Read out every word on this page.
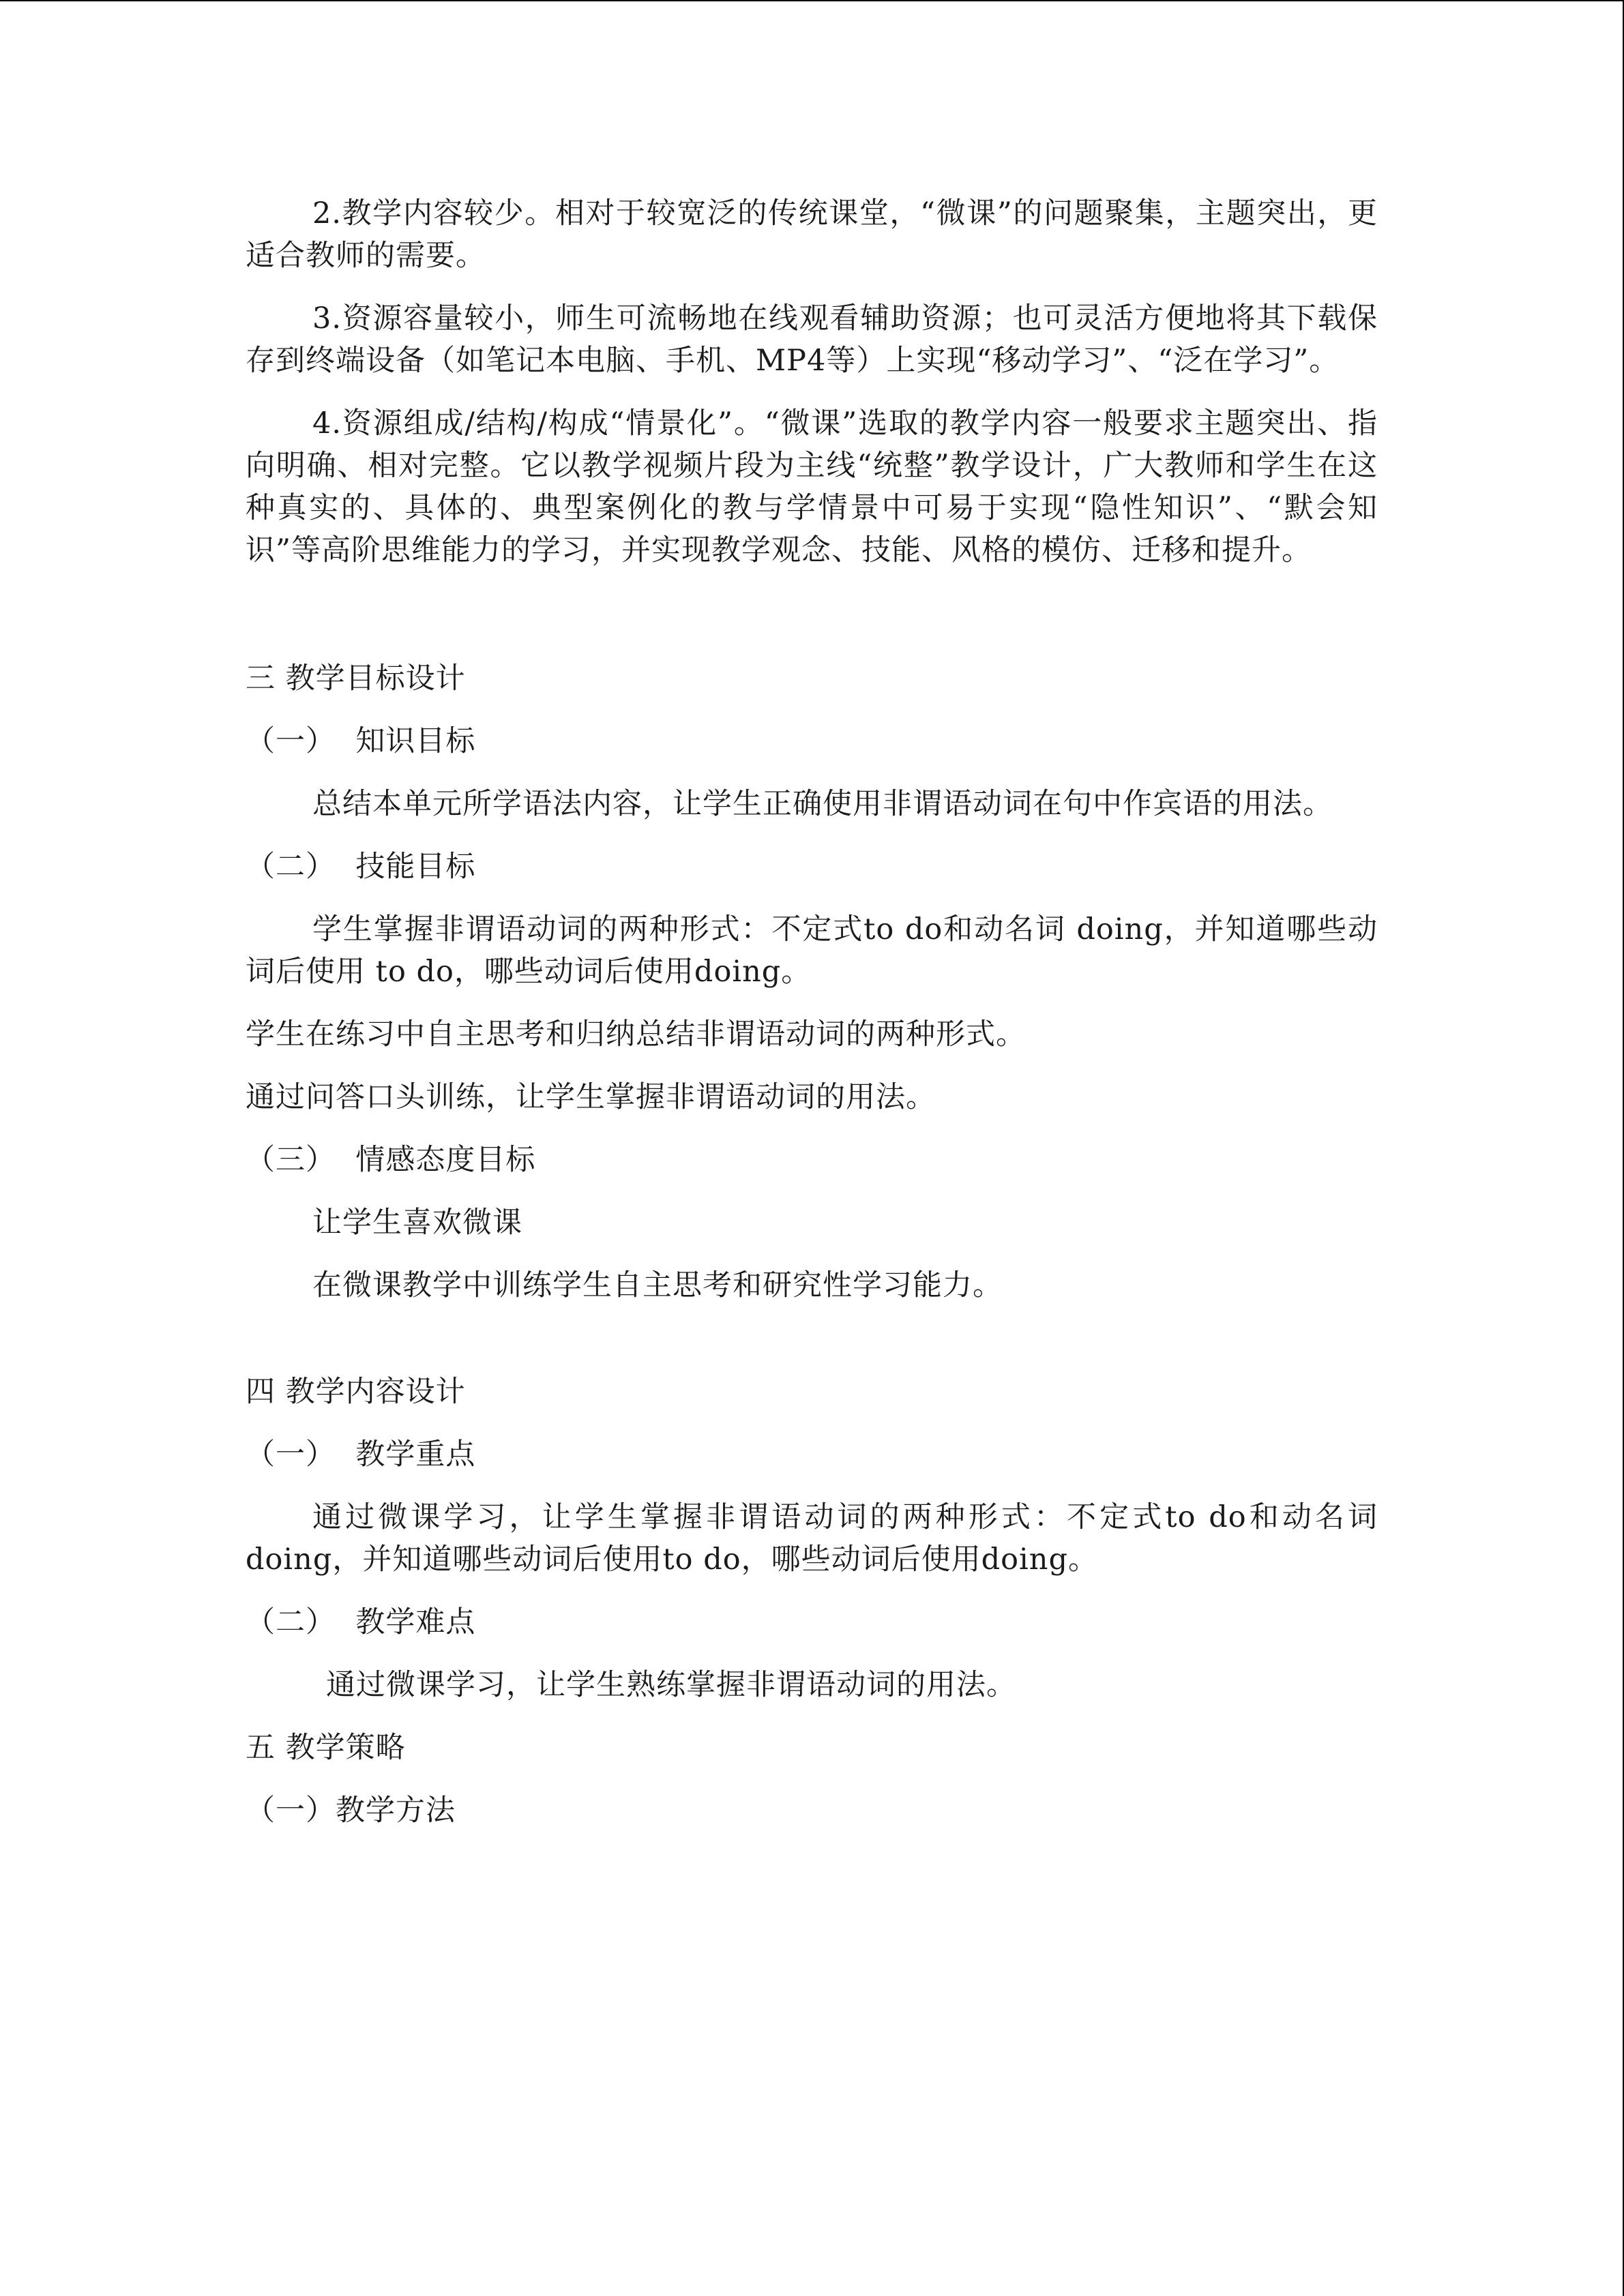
2.教学内容较少。相对于较宽泛的传统课堂，“微课”的问题聚集，主题突出，更适合教师的需要。

3.资源容量较小，师生可流畅地在线观看辅助资源；也可灵活方便地将其下载保存到终端设备（如笔记本电脑、手机、MP4等）上实现“移动学习”、“泛在学习”。

4.资源组成/结构/构成“情景化”。“微课”选取的教学内容一般要求主题突出、指向明确、相对完整。它以教学视频片段为主线“统整”教学设计，广大教师和学生在这种真实的、具体的、典型案例化的教与学情景中可易于实现“隐性知识”、“默会知识”等高阶思维能力的学习，并实现教学观念、技能、风格的模仿、迁移和提升。

三 教学目标设计
（一）  知识目标

总结本单元所学语法内容，让学生正确使用非谓语动词在句中作宾语的用法。

（二）  技能目标

学生掌握非谓语动词的两种形式：不定式to do和动名词 doing，并知道哪些动词后使用 to do，哪些动词后使用doing。

学生在练习中自主思考和归纳总结非谓语动词的两种形式。

通过问答口头训练，让学生掌握非谓语动词的用法。

（三）  情感态度目标

让学生喜欢微课

在微课教学中训练学生自主思考和研究性学习能力。

四 教学内容设计
（一）  教学重点

通过微课学习，让学生掌握非谓语动词的两种形式：不定式to do和动名词 doing，并知道哪些动词后使用to do，哪些动词后使用doing。

（二）  教学难点

通过微课学习，让学生熟练掌握非谓语动词的用法。

五 教学策略
（一）教学方法
